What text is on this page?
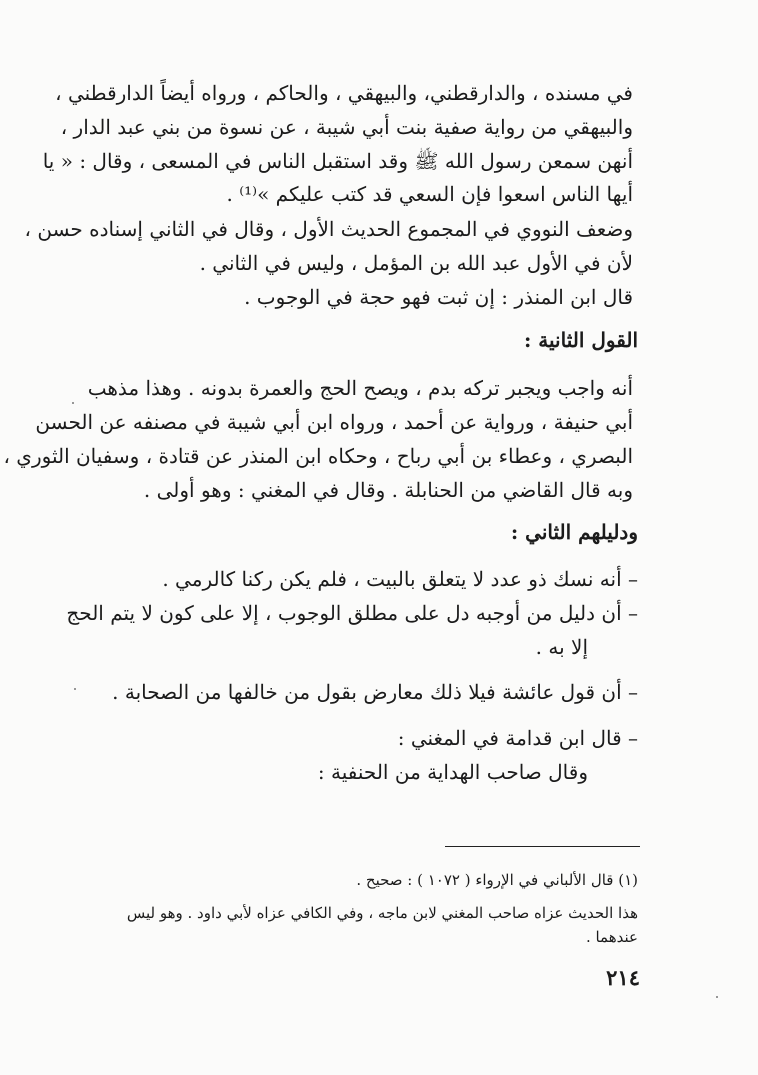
في مسنده ، والدارقطني، والبيهقي ، والحاكم ، ورواه أيضاً الدارقطني ،
والبيهقي من رواية صفية بنت أبي شيبة ، عن نسوة من بني عبد الدار ،
أنهن سمعن رسول الله ﷺ وقد استقبل الناس في المسعى ، وقال : « يا
أيها الناس اسعوا فإن السعي قد كتب عليكم »⁽¹⁾ .
وضعف النووي في المجموع الحديث الأول ، وقال في الثاني إسناده حسن ،
لأن في الأول عبد الله بن المؤمل ، وليس في الثاني .
قال ابن المنذر : إن ثبت فهو حجة في الوجوب .
القول الثانية :
أنه واجب ويجبر تركه بدم ، ويصح الحج والعمرة بدونه . وهذا مذهب
أبي حنيفة ، ورواية عن أحمد ، ورواه ابن أبي شيبة في مصنفه عن الحسن
البصري ، وعطاء بن أبي رباح ، وحكاه ابن المنذر عن قتادة ، وسفيان الثوري ،
وبه قال القاضي من الحنابلة . وقال في المغني : وهو أولى .
ودليلهم الثاني :
– أنه نسك ذو عدد لا يتعلق بالبيت ، فلم يكن ركنا كالرمي .
– أن دليل من أوجبه دل على مطلق الوجوب ، إلا على كون لا يتم الحج
إلا به .
– أن قول عائشة فيلا ذلك معارض بقول من خالفها من الصحابة .
– قال ابن قدامة في المغني :
وقال صاحب الهداية من الحنفية :
(١) قال الألباني في الإرواء ( ١٠٧٢ ) : صحيح .
هذا الحديث عزاه صاحب المغني لابن ماجه ، وفي الكافي عزاه لأبي داود . وهو ليس
عندهما .
٢١٤
